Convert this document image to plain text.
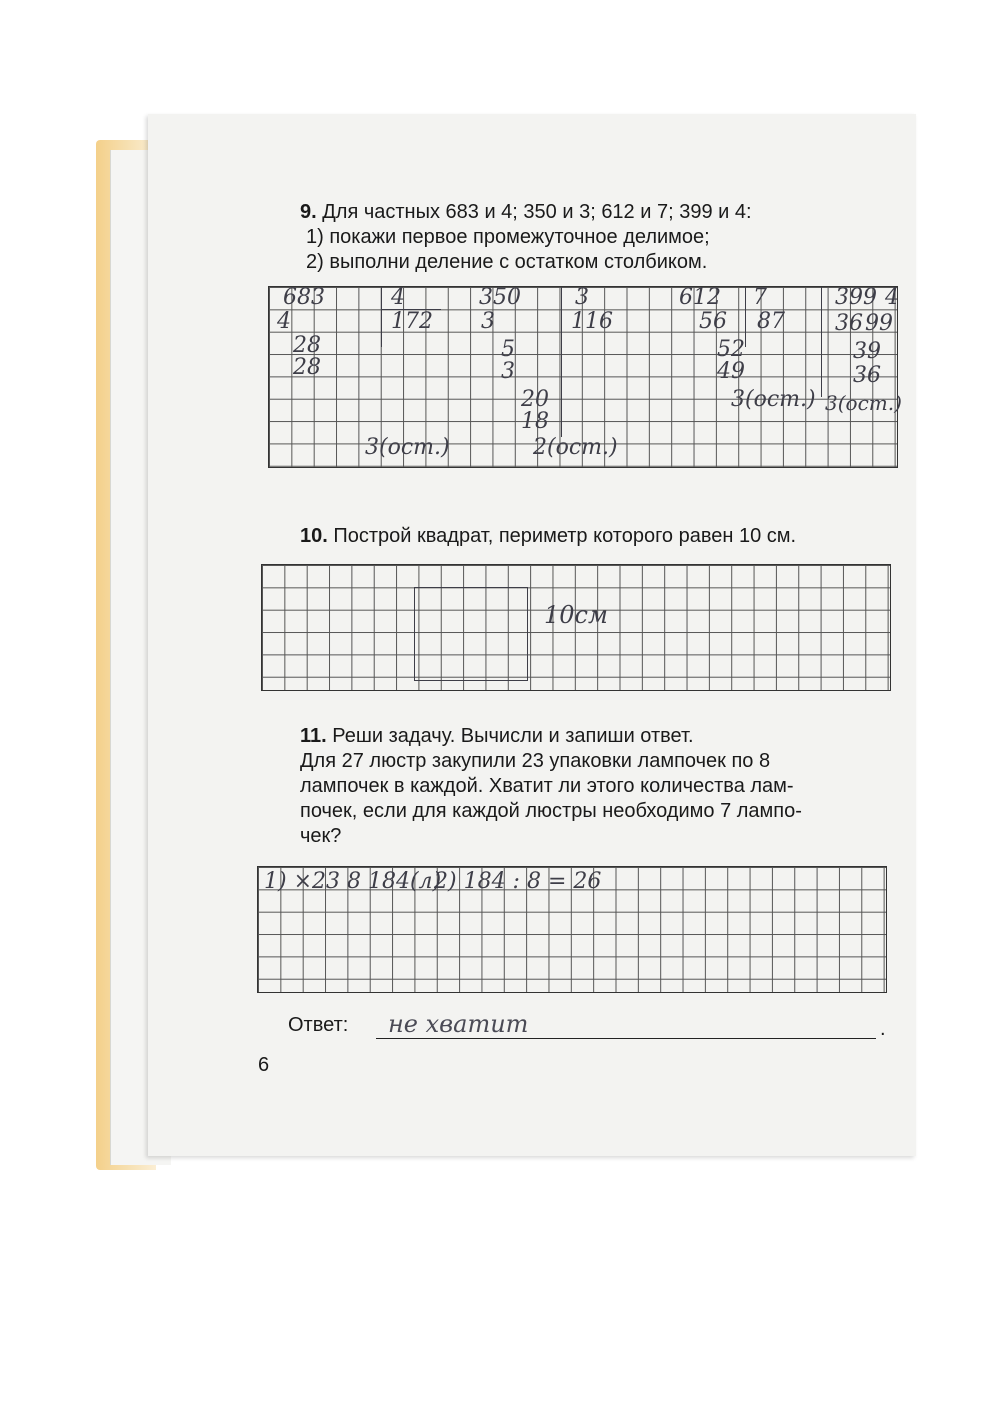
9. Для частных 683 и 4; 350 и 3; 612 и 7; 399 и 4:
1) покажи первое промежуточное делимое;
2) выполни деление с остатком столбиком.
683	4
172
4
28
28
3(ост.)
350 3
116
3
5
3
20
18
2(ост.)
612 7
87
56
52
49
3(ост.)
399 4
36 99
39
36
3(ост.)
10. Построй квадрат, периметр которого равен 10 см.
10см
11. Реши задачу. Вычисли и запиши ответ.
Для 27 люстр закупили 23 упаковки лампочек по 8
лампочек в каждой. Хватит ли этого количества лам-
почек, если для каждой люстры необходимо 7 лампо-
чек?
1) ×23 8 184(л)
2) 184 : 8 = 26
Ответ: не хватит	.
6
